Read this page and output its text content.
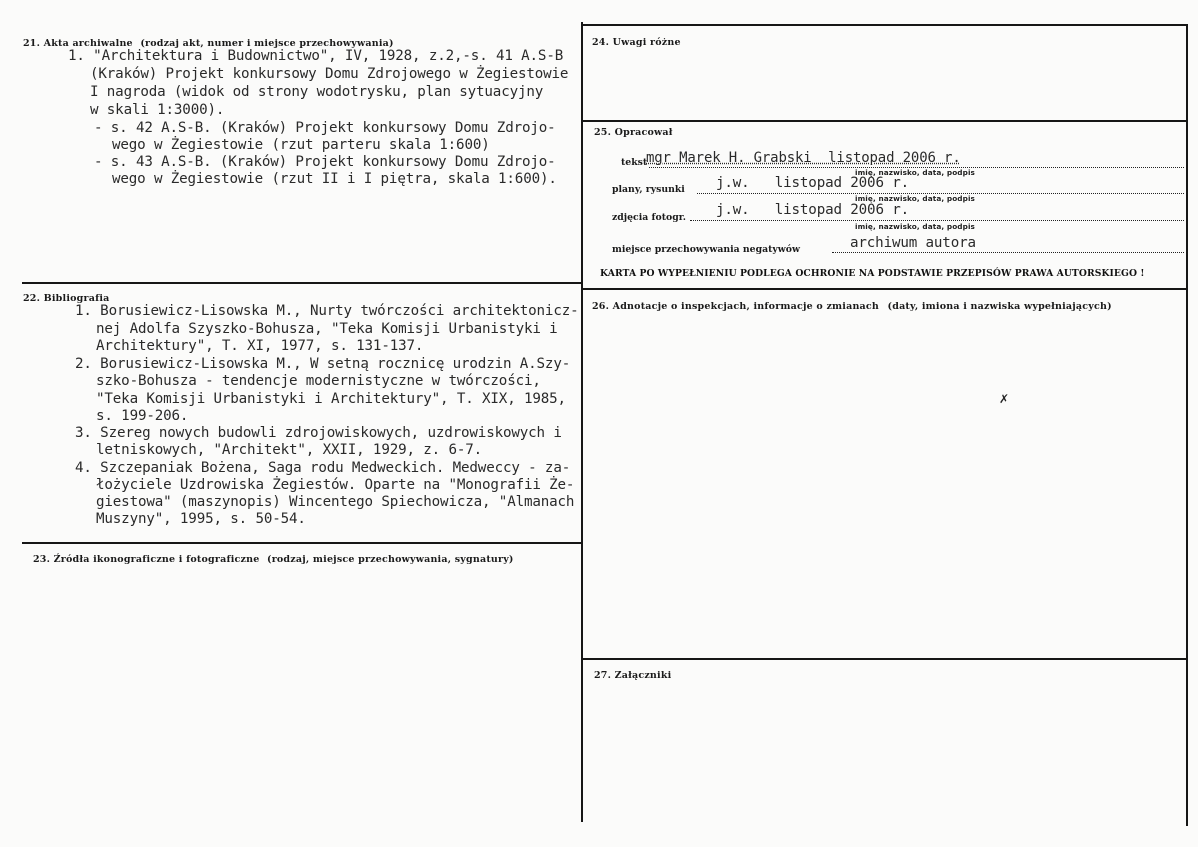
21. Akta archiwalne (rodzaj akt, numer i miejsce przechowywania)
1. "Architektura i Budownictwo", IV, 1928, z.2,-s. 41 A.S-B
(Kraków) Projekt konkursowy Domu Zdrojowego w Żegiestowie
I nagroda (widok od strony wodotrysku, plan sytuacyjny
w skali 1:3000).
- s. 42 A.S-B. (Kraków) Projekt konkursowy Domu Zdrojo-
wego w Żegiestowie (rzut parteru skala 1:600)
- s. 43 A.S-B. (Kraków) Projekt konkursowy Domu Zdrojo-
wego w Żegiestowie (rzut II i I piętra, skala 1:600).
22. Bibliografia
1. Borusiewicz-Lisowska M., Nurty twórczości architektonicz-
nej Adolfa Szyszko-Bohusza, "Teka Komisji Urbanistyki i
Architektury", T. XI, 1977, s. 131-137.
2. Borusiewicz-Lisowska M., W setną rocznicę urodzin A.Szy-
szko-Bohusza - tendencje modernistyczne w twórczości,
"Teka Komisji Urbanistyki i Architektury", T. XIX, 1985,
s. 199-206.
3. Szereg nowych budowli zdrojowiskowych, uzdrowiskowych i
letniskowych, "Architekt", XXII, 1929, z. 6-7.
4. Szczepaniak Bożena, Saga rodu Medweckich. Medweccy - za-
łożyciele Uzdrowiska Żegiestów. Oparte na "Monografii Że-
giestowa" (maszynopis) Wincentego Spiechowicza, "Almanach
Muszyny", 1995, s. 50-54.
23. Źródła ikonograficzne i fotograficzne (rodzaj, miejsce przechowywania, sygnatury)
24. Uwagi różne
25. Opracował
tekst
mgr Marek H. Grabski  listopad 2006 r.
imię, nazwisko, data, podpis
plany, rysunki j.w.   listopad 2006 r.
imię, nazwisko, data, podpis
zdjęcia fotogr. j.w.   listopad 2006 r.
imię, nazwisko, data, podpis
miejsce przechowywania negatywów	archiwum autora
KARTA PO WYPEŁNIENIU PODLEGA OCHRONIE NA PODSTAWIE PRZEPISÓW PRAWA AUTORSKIEGO !
26. Adnotacje o inspekcjach, informacje o zmianach (daty, imiona i nazwiska wypełniających)
✗
27. Załączniki
